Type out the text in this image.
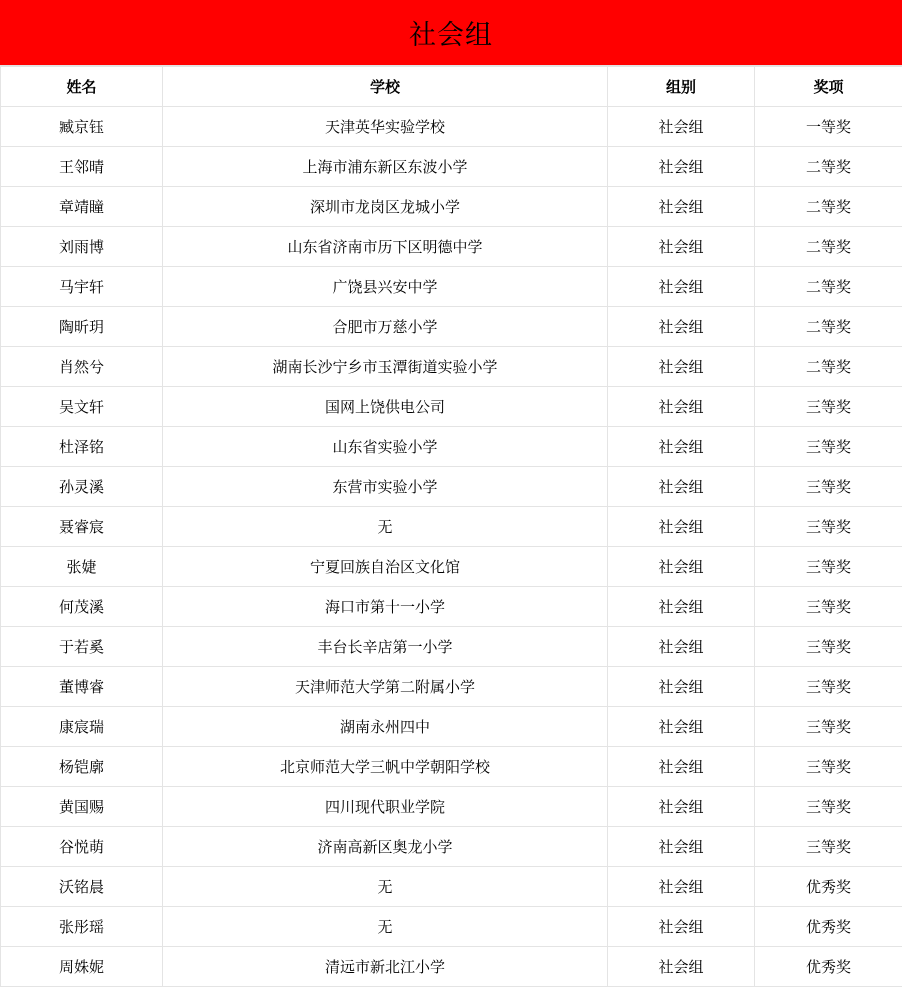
社会组
姓名	学校	组别	奖项
臧京钰	天津英华实验学校	社会组	一等奖
王邻晴	上海市浦东新区东波小学	社会组	二等奖
章靖瞳	深圳市龙岗区龙城小学	社会组	二等奖
刘雨博	山东省济南市历下区明德中学	社会组	二等奖
马宇轩	广饶县兴安中学	社会组	二等奖
陶昕玥	合肥市万慈小学	社会组	二等奖
肖然兮	湖南长沙宁乡市玉潭街道实验小学	社会组	二等奖
吴文轩	国网上饶供电公司	社会组	三等奖
杜泽铭	山东省实验小学	社会组	三等奖
孙灵溪	东营市实验小学	社会组	三等奖
聂睿宸	无	社会组	三等奖
张婕	宁夏回族自治区文化馆	社会组	三等奖
何茂溪	海口市第十一小学	社会组	三等奖
于若奚	丰台长辛店第一小学	社会组	三等奖
董博睿	天津师范大学第二附属小学	社会组	三等奖
康宸瑞	湖南永州四中	社会组	三等奖
杨铠廓	北京师范大学三帆中学朝阳学校	社会组	三等奖
黄国赐	四川现代职业学院	社会组	三等奖
谷悦萌	济南高新区奥龙小学	社会组	三等奖
沃铭晨	无	社会组	优秀奖
张彤瑶	无	社会组	优秀奖
周姝妮	清远市新北江小学	社会组	优秀奖
